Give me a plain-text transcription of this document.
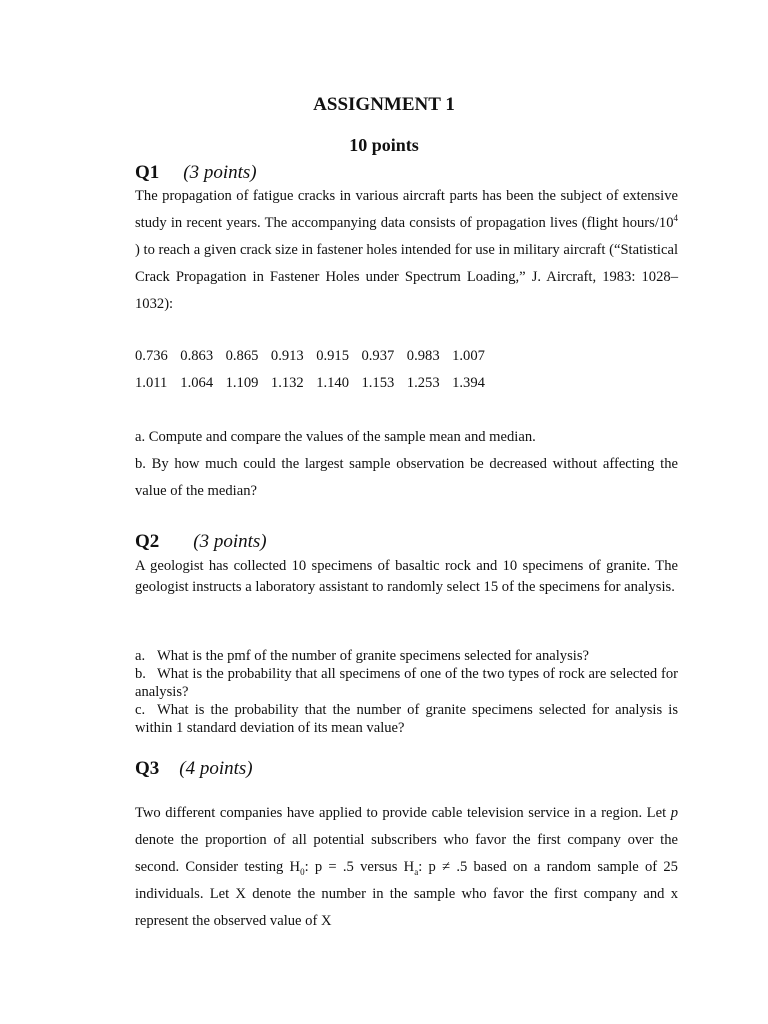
ASSIGNMENT 1
10 points
Q1 (3 points)

The propagation of fatigue cracks in various aircraft parts has been the subject of extensive study in recent years. The accompanying data consists of propagation lives (flight hours/$10^4$ ) to reach a given crack size in fastener holes intended for use in military aircraft (“Statistical Crack Propagation in Fastener Holes under Spectrum Loading,” J. Aircraft, 1983: 1028–1032):

0.736 0.863 0.865 0.913 0.915 0.937 0.983 1.007
1.011 1.064 1.109 1.132 1.140 1.153 1.253 1.394

a. Compute and compare the values of the sample mean and median.

b. By how much could the largest sample observation be decreased without affecting the value of the median?

Q2 (3 points)

A geologist has collected 10 specimens of basaltic rock and 10 specimens of granite. The geologist instructs a laboratory assistant to randomly select 15 of the specimens for analysis.

a. What is the pmf of the number of granite specimens selected for analysis?
b. What is the probability that all specimens of one of the two types of rock are selected for analysis?
c. What is the probability that the number of granite specimens selected for analysis is within 1 standard deviation of its mean value?
Q3 (4 points)

Two different companies have applied to provide cable television service in a region. Let p denote the proportion of all potential subscribers who favor the first company over the second. Consider testing $H_0$: p = .5 versus $H_a$: p ≠ .5 based on a random sample of 25 individuals. Let X denote the number in the sample who favor the first company and x represent the observed value of X
